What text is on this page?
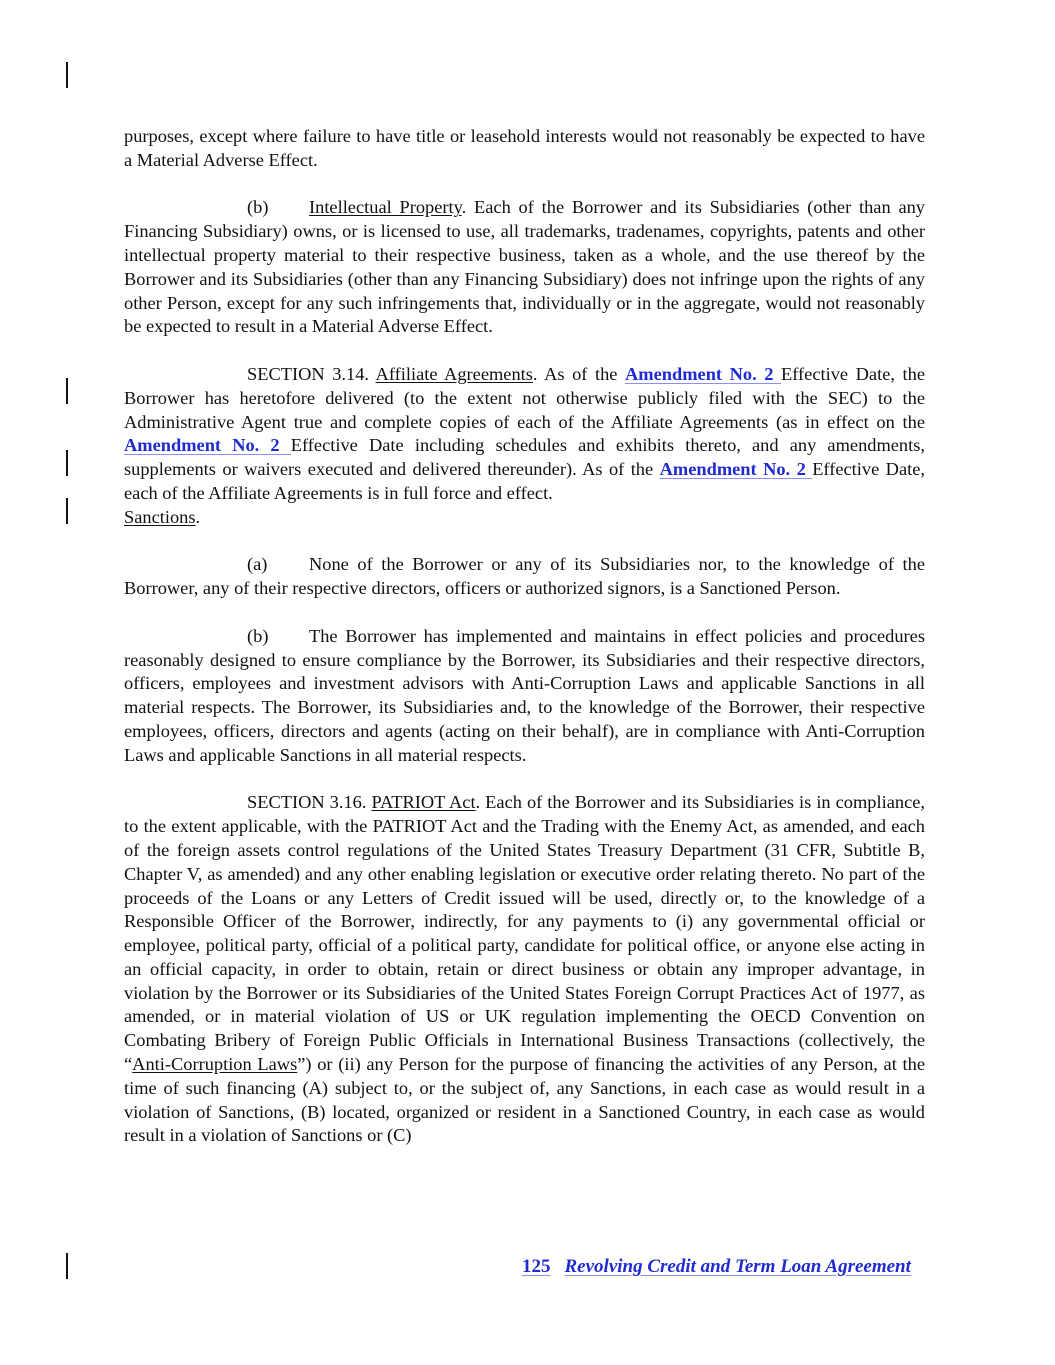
purposes, except where failure to have title or leasehold interests would not reasonably be expected to have a Material Adverse Effect.

(b) Intellectual Property. Each of the Borrower and its Subsidiaries (other than any Financing Subsidiary) owns, or is licensed to use, all trademarks, tradenames, copyrights, patents and other intellectual property material to their respective business, taken as a whole, and the use thereof by the Borrower and its Subsidiaries (other than any Financing Subsidiary) does not infringe upon the rights of any other Person, except for any such infringements that, individually or in the aggregate, would not reasonably be expected to result in a Material Adverse Effect.

SECTION 3.14. Affiliate Agreements. As of the Amendment No. 2 Effective Date, the Borrower has heretofore delivered (to the extent not otherwise publicly filed with the SEC) to the Administrative Agent true and complete copies of each of the Affiliate Agreements (as in effect on the Amendment No. 2 Effective Date including schedules and exhibits thereto, and any amendments, supplements or waivers executed and delivered thereunder). As of the Amendment No. 2 Effective Date, each of the Affiliate Agreements is in full force and effect.

Sanctions.

(a) None of the Borrower or any of its Subsidiaries nor, to the knowledge of the Borrower, any of their respective directors, officers or authorized signors, is a Sanctioned Person.

(b) The Borrower has implemented and maintains in effect policies and procedures reasonably designed to ensure compliance by the Borrower, its Subsidiaries and their respective directors, officers, employees and investment advisors with Anti-Corruption Laws and applicable Sanctions in all material respects. The Borrower, its Subsidiaries and, to the knowledge of the Borrower, their respective employees, officers, directors and agents (acting on their behalf), are in compliance with Anti-Corruption Laws and applicable Sanctions in all material respects.

SECTION 3.16. PATRIOT Act. Each of the Borrower and its Subsidiaries is in compliance, to the extent applicable, with the PATRIOT Act and the Trading with the Enemy Act, as amended, and each of the foreign assets control regulations of the United States Treasury Department (31 CFR, Subtitle B, Chapter V, as amended) and any other enabling legislation or executive order relating thereto. No part of the proceeds of the Loans or any Letters of Credit issued will be used, directly or, to the knowledge of a Responsible Officer of the Borrower, indirectly, for any payments to (i) any governmental official or employee, political party, official of a political party, candidate for political office, or anyone else acting in an official capacity, in order to obtain, retain or direct business or obtain any improper advantage, in violation by the Borrower or its Subsidiaries of the United States Foreign Corrupt Practices Act of 1977, as amended, or in material violation of US or UK regulation implementing the OECD Convention on Combating Bribery of Foreign Public Officials in International Business Transactions (collectively, the “Anti-Corruption Laws”) or (ii) any Person for the purpose of financing the activities of any Person, at the time of such financing (A) subject to, or the subject of, any Sanctions, in each case as would result in a violation of Sanctions, (B) located, organized or resident in a Sanctioned Country, in each case as would result in a violation of Sanctions or (C)

125 Revolving Credit and Term Loan Agreement
